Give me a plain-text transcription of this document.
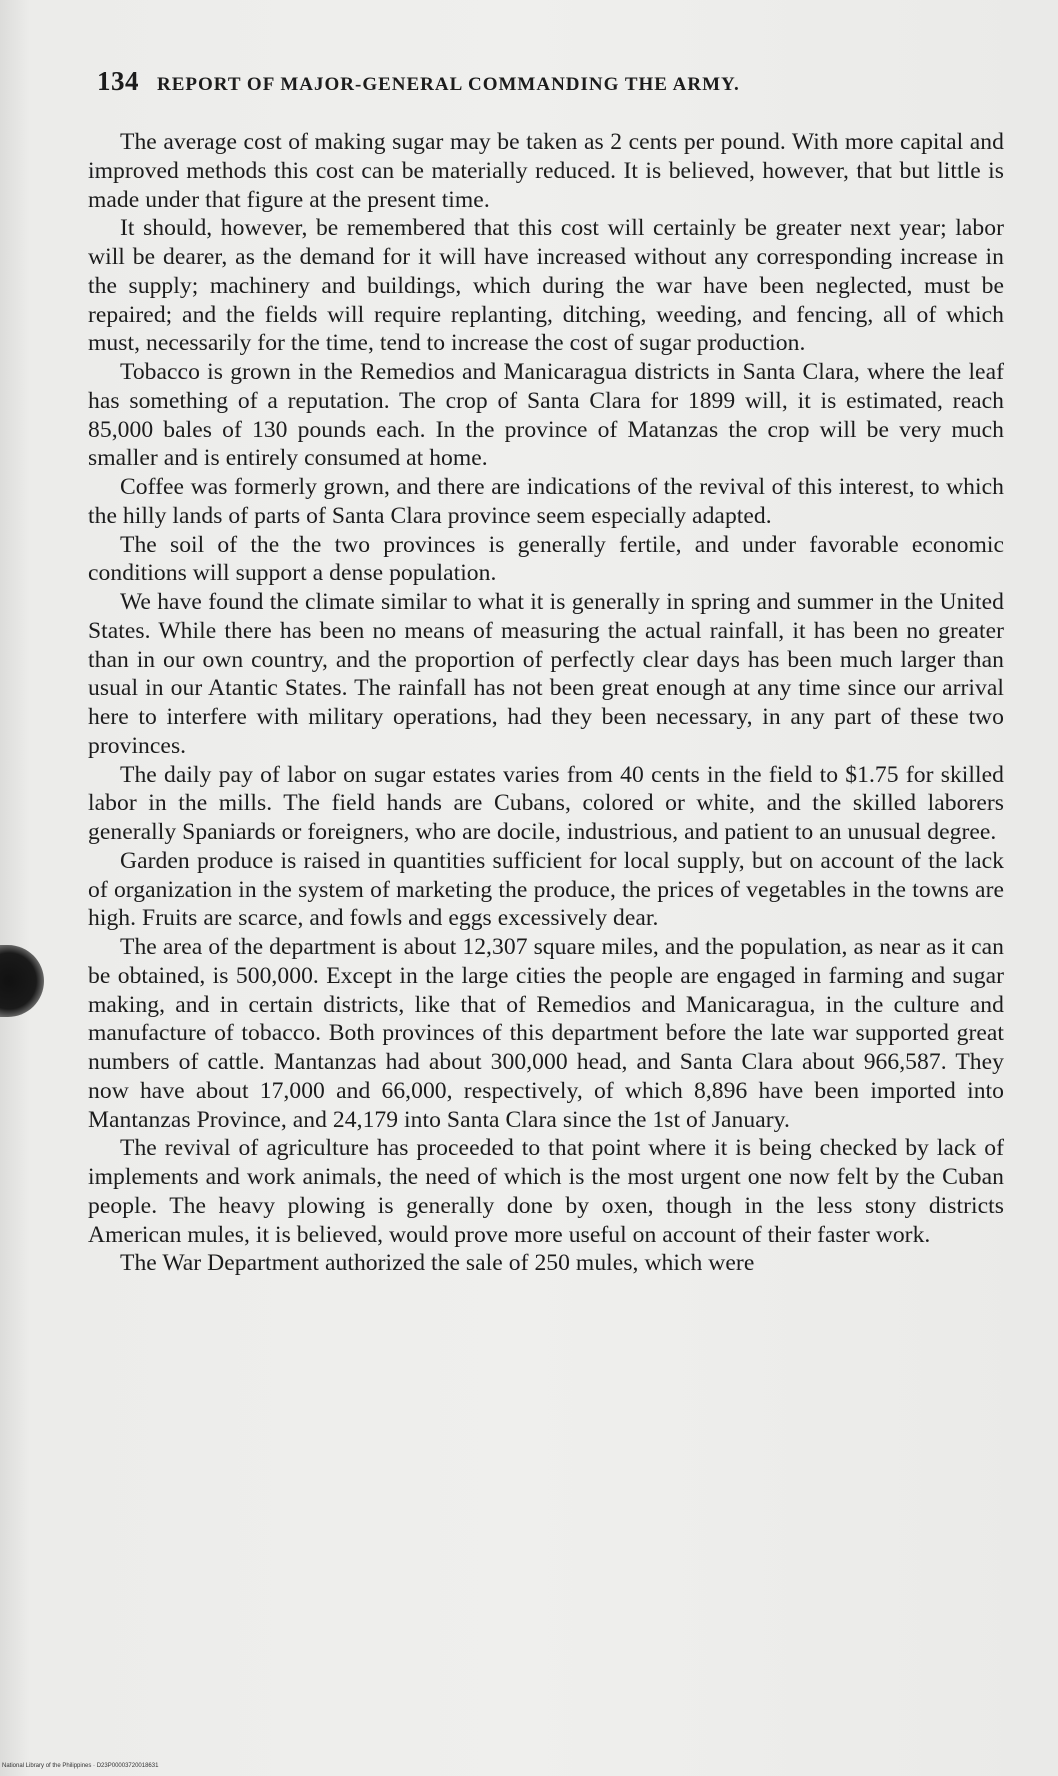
134 REPORT OF MAJOR-GENERAL COMMANDING THE ARMY.

The average cost of making sugar may be taken as 2 cents per pound. With more capital and improved methods this cost can be materially reduced. It is believed, however, that but little is made under that figure at the present time.

It should, however, be remembered that this cost will certainly be greater next year; labor will be dearer, as the demand for it will have increased without any corresponding increase in the supply; machinery and buildings, which during the war have been neglected, must be repaired; and the fields will require replanting, ditching, weeding, and fencing, all of which must, necessarily for the time, tend to increase the cost of sugar production.

Tobacco is grown in the Remedios and Manicaragua districts in Santa Clara, where the leaf has something of a reputation. The crop of Santa Clara for 1899 will, it is estimated, reach 85,000 bales of 130 pounds each. In the province of Matanzas the crop will be very much smaller and is entirely consumed at home.

Coffee was formerly grown, and there are indications of the revival of this interest, to which the hilly lands of parts of Santa Clara province seem especially adapted.

The soil of the the two provinces is generally fertile, and under favorable economic conditions will support a dense population.

We have found the climate similar to what it is generally in spring and summer in the United States. While there has been no means of measuring the actual rainfall, it has been no greater than in our own country, and the proportion of perfectly clear days has been much larger than usual in our Atantic States. The rainfall has not been great enough at any time since our arrival here to interfere with military operations, had they been necessary, in any part of these two provinces.

The daily pay of labor on sugar estates varies from 40 cents in the field to $1.75 for skilled labor in the mills. The field hands are Cubans, colored or white, and the skilled laborers generally Spaniards or foreigners, who are docile, industrious, and patient to an unusual degree.

Garden produce is raised in quantities sufficient for local supply, but on account of the lack of organization in the system of marketing the produce, the prices of vegetables in the towns are high. Fruits are scarce, and fowls and eggs excessively dear.

The area of the department is about 12,307 square miles, and the population, as near as it can be obtained, is 500,000. Except in the large cities the people are engaged in farming and sugar making, and in certain districts, like that of Remedios and Manicaragua, in the culture and manufacture of tobacco. Both provinces of this department before the late war supported great numbers of cattle. Mantanzas had about 300,000 head, and Santa Clara about 966,587. They now have about 17,000 and 66,000, respectively, of which 8,896 have been imported into Mantanzas Province, and 24,179 into Santa Clara since the 1st of January.

The revival of agriculture has proceeded to that point where it is being checked by lack of implements and work animals, the need of which is the most urgent one now felt by the Cuban people. The heavy plowing is generally done by oxen, though in the less stony districts American mules, it is believed, would prove more useful on account of their faster work.

The War Department authorized the sale of 250 mules, which were

National Library of the Philippines · D23P00003720018631
